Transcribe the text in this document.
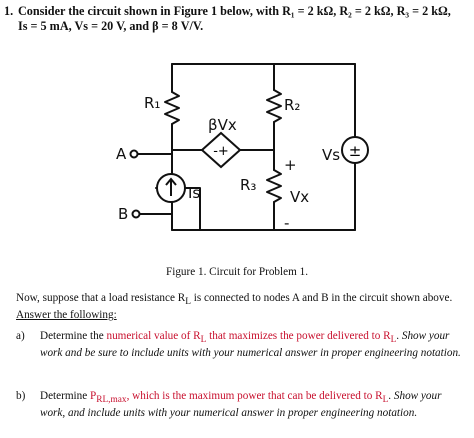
1. Consider the circuit shown in Figure 1 below, with R₁ = 2 kΩ, R₂ = 2 kΩ, R₃ = 2 kΩ,
Is = 5 mA, Vs = 20 V, and β = 8 V/V.
-+	±
R₁	R₂
R₃
βVx
Is
Vs
+
Vx
-
A
B
Figure 1. Circuit for Problem 1.
Now, suppose that a load resistance $R_L$ is connected to nodes A and B in the circuit shown above. Answer the following:
a) Determine the numerical value of $R_L$ that maximizes the power delivered to $R_L$. Show your work and be sure to include units with your numerical answer in proper engineering notation.
b) Determine $P_{RL,max}$, which is the maximum power that can be delivered to $R_L$. Show your work, and include units with your numerical answer in proper engineering notation.
